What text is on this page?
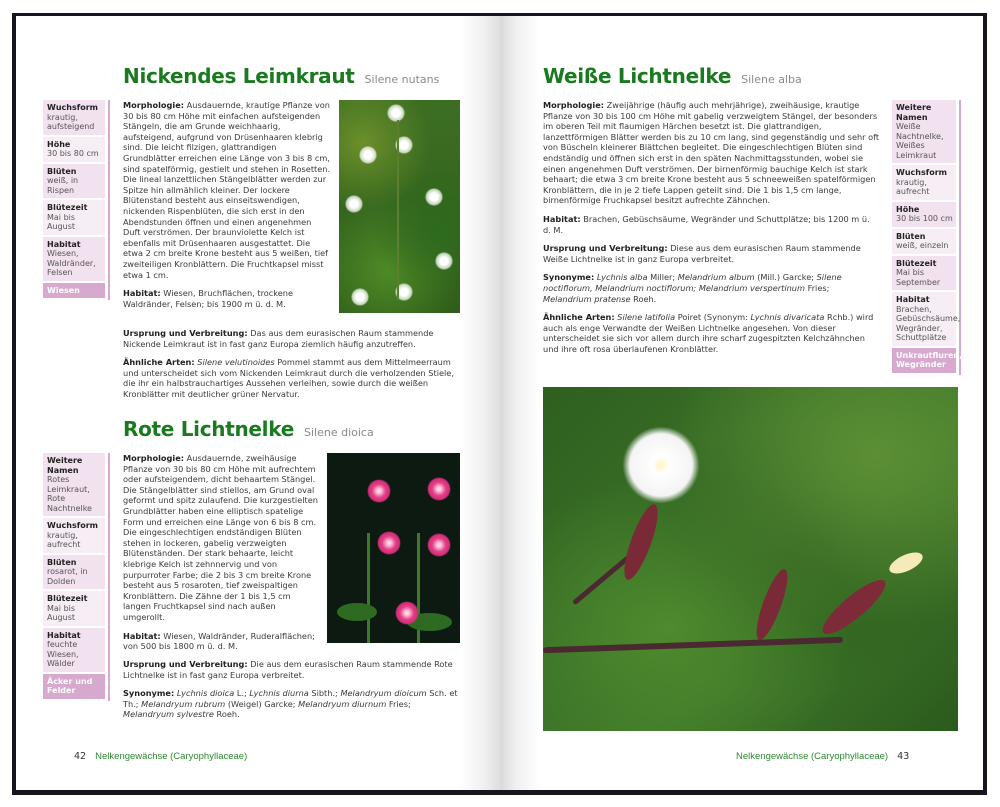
Nickendes Leimkraut Silene nutans
Wuchsform
krautig, aufsteigend
Höhe
30 bis 80 cm
Blüten
weiß, in Rispen
Blütezeit
Mai bis August
Habitat
Wiesen, Waldränder, Felsen
Wiesen

Morphologie: Ausdauernde, krautige Pflanze von 30 bis 80 cm Höhe mit einfachen aufsteigenden Stängeln, die am Grunde weichhaarig, aufsteigend, aufgrund von Drüsenhaaren klebrig sind. Die leicht filzigen, glattrandigen Grundblätter erreichen eine Länge von 3 bis 8 cm, sind spatelförmig, gestielt und stehen in Rosetten. Die lineal lanzettlichen Stängelblätter werden zur Spitze hin allmählich kleiner. Der lockere Blütenstand besteht aus einseitswendigen, nickenden Rispenblüten, die sich erst in den Abendstunden öffnen und einen angenehmen Duft verströmen. Der braunviolette Kelch ist ebenfalls mit Drüsenhaaren ausgestattet. Die etwa 2 cm breite Krone besteht aus 5 weißen, tief zweiteiligen Kronblättern. Die Fruchtkapsel misst etwa 1 cm.

Habitat: Wiesen, Bruchflächen, trockene Waldränder, Felsen; bis 1900 m ü. d. M.

Ursprung und Verbreitung: Das aus dem eurasischen Raum stammende Nickende Leimkraut ist in fast ganz Europa ziemlich häufig anzutreffen.

Ähnliche Arten: Silene velutinoides Pommel stammt aus dem Mittelmeerraum und unterscheidet sich vom Nickenden Leimkraut durch die verholzenden Stiele, die ihr ein halbstrauchartiges Aussehen verleihen, sowie durch die weißen Kronblätter mit deutlicher grüner Nervatur.

Rote Lichtnelke Silene dioica
Weitere Namen
Rotes Leimkraut, Rote Nachtnelke
Wuchsform
krautig, aufrecht
Blüten
rosarot, in Dolden
Blütezeit
Mai bis August
Habitat
feuchte Wiesen, Wälder
Äcker und Felder

Morphologie: Ausdauernde, zweihäusige Pflanze von 30 bis 80 cm Höhe mit aufrechtem oder aufsteigendem, dicht behaartem Stängel. Die Stängelblätter sind stiellos, am Grund oval geformt und spitz zulaufend. Die kurzgestielten Grundblätter haben eine elliptisch spatelige Form und erreichen eine Länge von 6 bis 8 cm. Die eingeschlechtigen endständigen Blüten stehen in lockeren, gabelig verzweigten Blütenständen. Der stark behaarte, leicht klebrige Kelch ist zehnnervig und von purpurroter Farbe; die 2 bis 3 cm breite Krone besteht aus 5 rosaroten, tief zweispaltigen Kronblättern. Die Zähne der 1 bis 1,5 cm langen Fruchtkapsel sind nach außen umgerollt.

Habitat: Wiesen, Waldränder, Ruderalflächen; von 500 bis 1800 m ü. d. M.

Ursprung und Verbreitung: Die aus dem eurasischen Raum stammende Rote Lichtnelke ist in fast ganz Europa verbreitet.

Synonyme: Lychnis dioica L.; Lychnis diurna Sibth.; Melandryum dioicum Sch. et Th.; Melandryum rubrum (Weigel) Garcke; Melandryum diurnum Fries; Melandryum sylvestre Roeh.

42 Nelkengewächse (Caryophyllaceae)
Weiße Lichtnelke Silene alba

Morphologie: Zweijährige (häufig auch mehrjährige), zweihäusige, krautige Pflanze von 30 bis 100 cm Höhe mit gabelig verzweigtem Stängel, der besonders im oberen Teil mit flaumigen Härchen besetzt ist. Die glattrandigen, lanzettförmigen Blätter werden bis zu 10 cm lang, sind gegenständig und sehr oft von Büscheln kleinerer Blättchen begleitet. Die eingeschlechtigen Blüten sind endständig und öffnen sich erst in den späten Nachmittagsstunden, wobei sie einen angenehmen Duft verströmen. Der birnenförmig bauchige Kelch ist stark behaart; die etwa 3 cm breite Krone besteht aus 5 schneeweißen spatelförmigen Kronblättern, die in je 2 tiefe Lappen geteilt sind. Die 1 bis 1,5 cm lange, birnenförmige Fruchkapsel besitzt aufrechte Zähnchen.

Habitat: Brachen, Gebüschsäume, Wegränder und Schuttplätze; bis 1200 m ü. d. M.

Ursprung und Verbreitung: Diese aus dem eurasischen Raum stammende Weiße Lichtnelke ist in ganz Europa verbreitet.

Synonyme: Lychnis alba Miller; Melandrium album (Mill.) Garcke; Silene noctiflorum, Melandrium noctiflorum; Melandrium verspertinum Fries; Melandrium pratense Roeh.

Ähnliche Arten: Silene latifolia Poiret (Synonym: Lychnis divaricata Rchb.) wird auch als enge Verwandte der Weißen Lichtnelke angesehen. Von dieser unterscheidet sie sich vor allem durch ihre scharf zugespitzten Kelchzähnchen und ihre oft rosa überlaufenen Kronblätter.

Weitere Namen
Weiße Nachtnelke, Weißes Leimkraut
Wuchsform
krautig, aufrecht
Höhe
30 bis 100 cm
Blüten
weiß, einzeln
Blütezeit
Mai bis September
Habitat
Brachen, Gebüschsäume, Wegränder, Schuttplätze
Unkrautfluren, Wegränder
Nelkengewächse (Caryophyllaceae) 43
